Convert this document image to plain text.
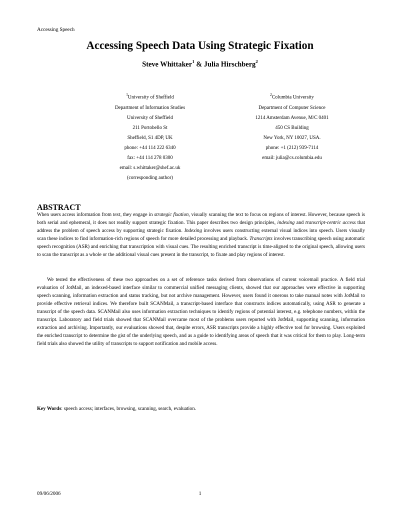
Accessing Speech
Accessing Speech Data Using Strategic Fixation
Steve Whittaker$^1$ & Julia Hirschberg$^2$
$^1$University of Sheffield
Department of Information Studies
University of Sheffield
211 Portobello St
Sheffield, S1 4DP, UK
phone: +44 114 222 6340
fax: +44 114 278 0300
email: s.whittaker@shef.ac.uk
(corresponding author)
$^2$Columbia University
Department of Computer Science
1214 Amsterdam Avenue, M/C 0401
450 CS Building
New York, NY 10027, USA.
phone: +1 (212) 939-7114
email: julia@cs.columbia.edu
ABSTRACT
When users access information from text, they engage in strategic fixation, visually scanning the text to focus on regions of interest. However, because speech is both serial and ephemeral, it does not readily support strategic fixation. This paper describes two design principles, indexing and transcript-centric access that address the problem of speech access by supporting strategic fixation. Indexing involves users constructing external visual indices into speech. Users visually scan these indices to find information-rich regions of speech for more detailed processing and playback. Transcripts involves transcribing speech using automatic speech recognition (ASR) and enriching that transcription with visual cues. The resulting enriched transcript is time-aligned to the original speech, allowing users to scan the transcript as a whole or the additional visual cues present in the transcript, to fixate and play regions of interest.
We tested the effectiveness of these two approaches on a set of reference tasks derived from observations of current voicemail practice. A field trial evaluation of JotMail, an indexed-based interface similar to commercial unified messaging clients, showed that our approaches were effective in supporting speech scanning, information extraction and status tracking, but not archive management. However, users found it onerous to take manual notes with JotMail to provide effective retrieval indices. We therefore built SCANMail, a transcript-based interface that constructs indices automatically, using ASR to generate a transcript of the speech data. SCANMail also uses information extraction techniques to identify regions of potential interest, e.g. telephone numbers, within the transcript. Laboratory and field trials showed that SCANMail overcame most of the problems users reported with JotMail, supporting scanning, information extraction and archiving. Importantly, our evaluations showed that, despite errors, ASR transcripts provide a highly effective tool for browsing. Users exploited the enriched transcript to determine the gist of the underlying speech, and as a guide to identifying areas of speech that it was critical for them to play. Long-term field trials also showed the utility of transcripts to support notification and mobile access.
Key Words: speech access; interfaces, browsing, scanning, search, evaluation.
09/06/2006	1
